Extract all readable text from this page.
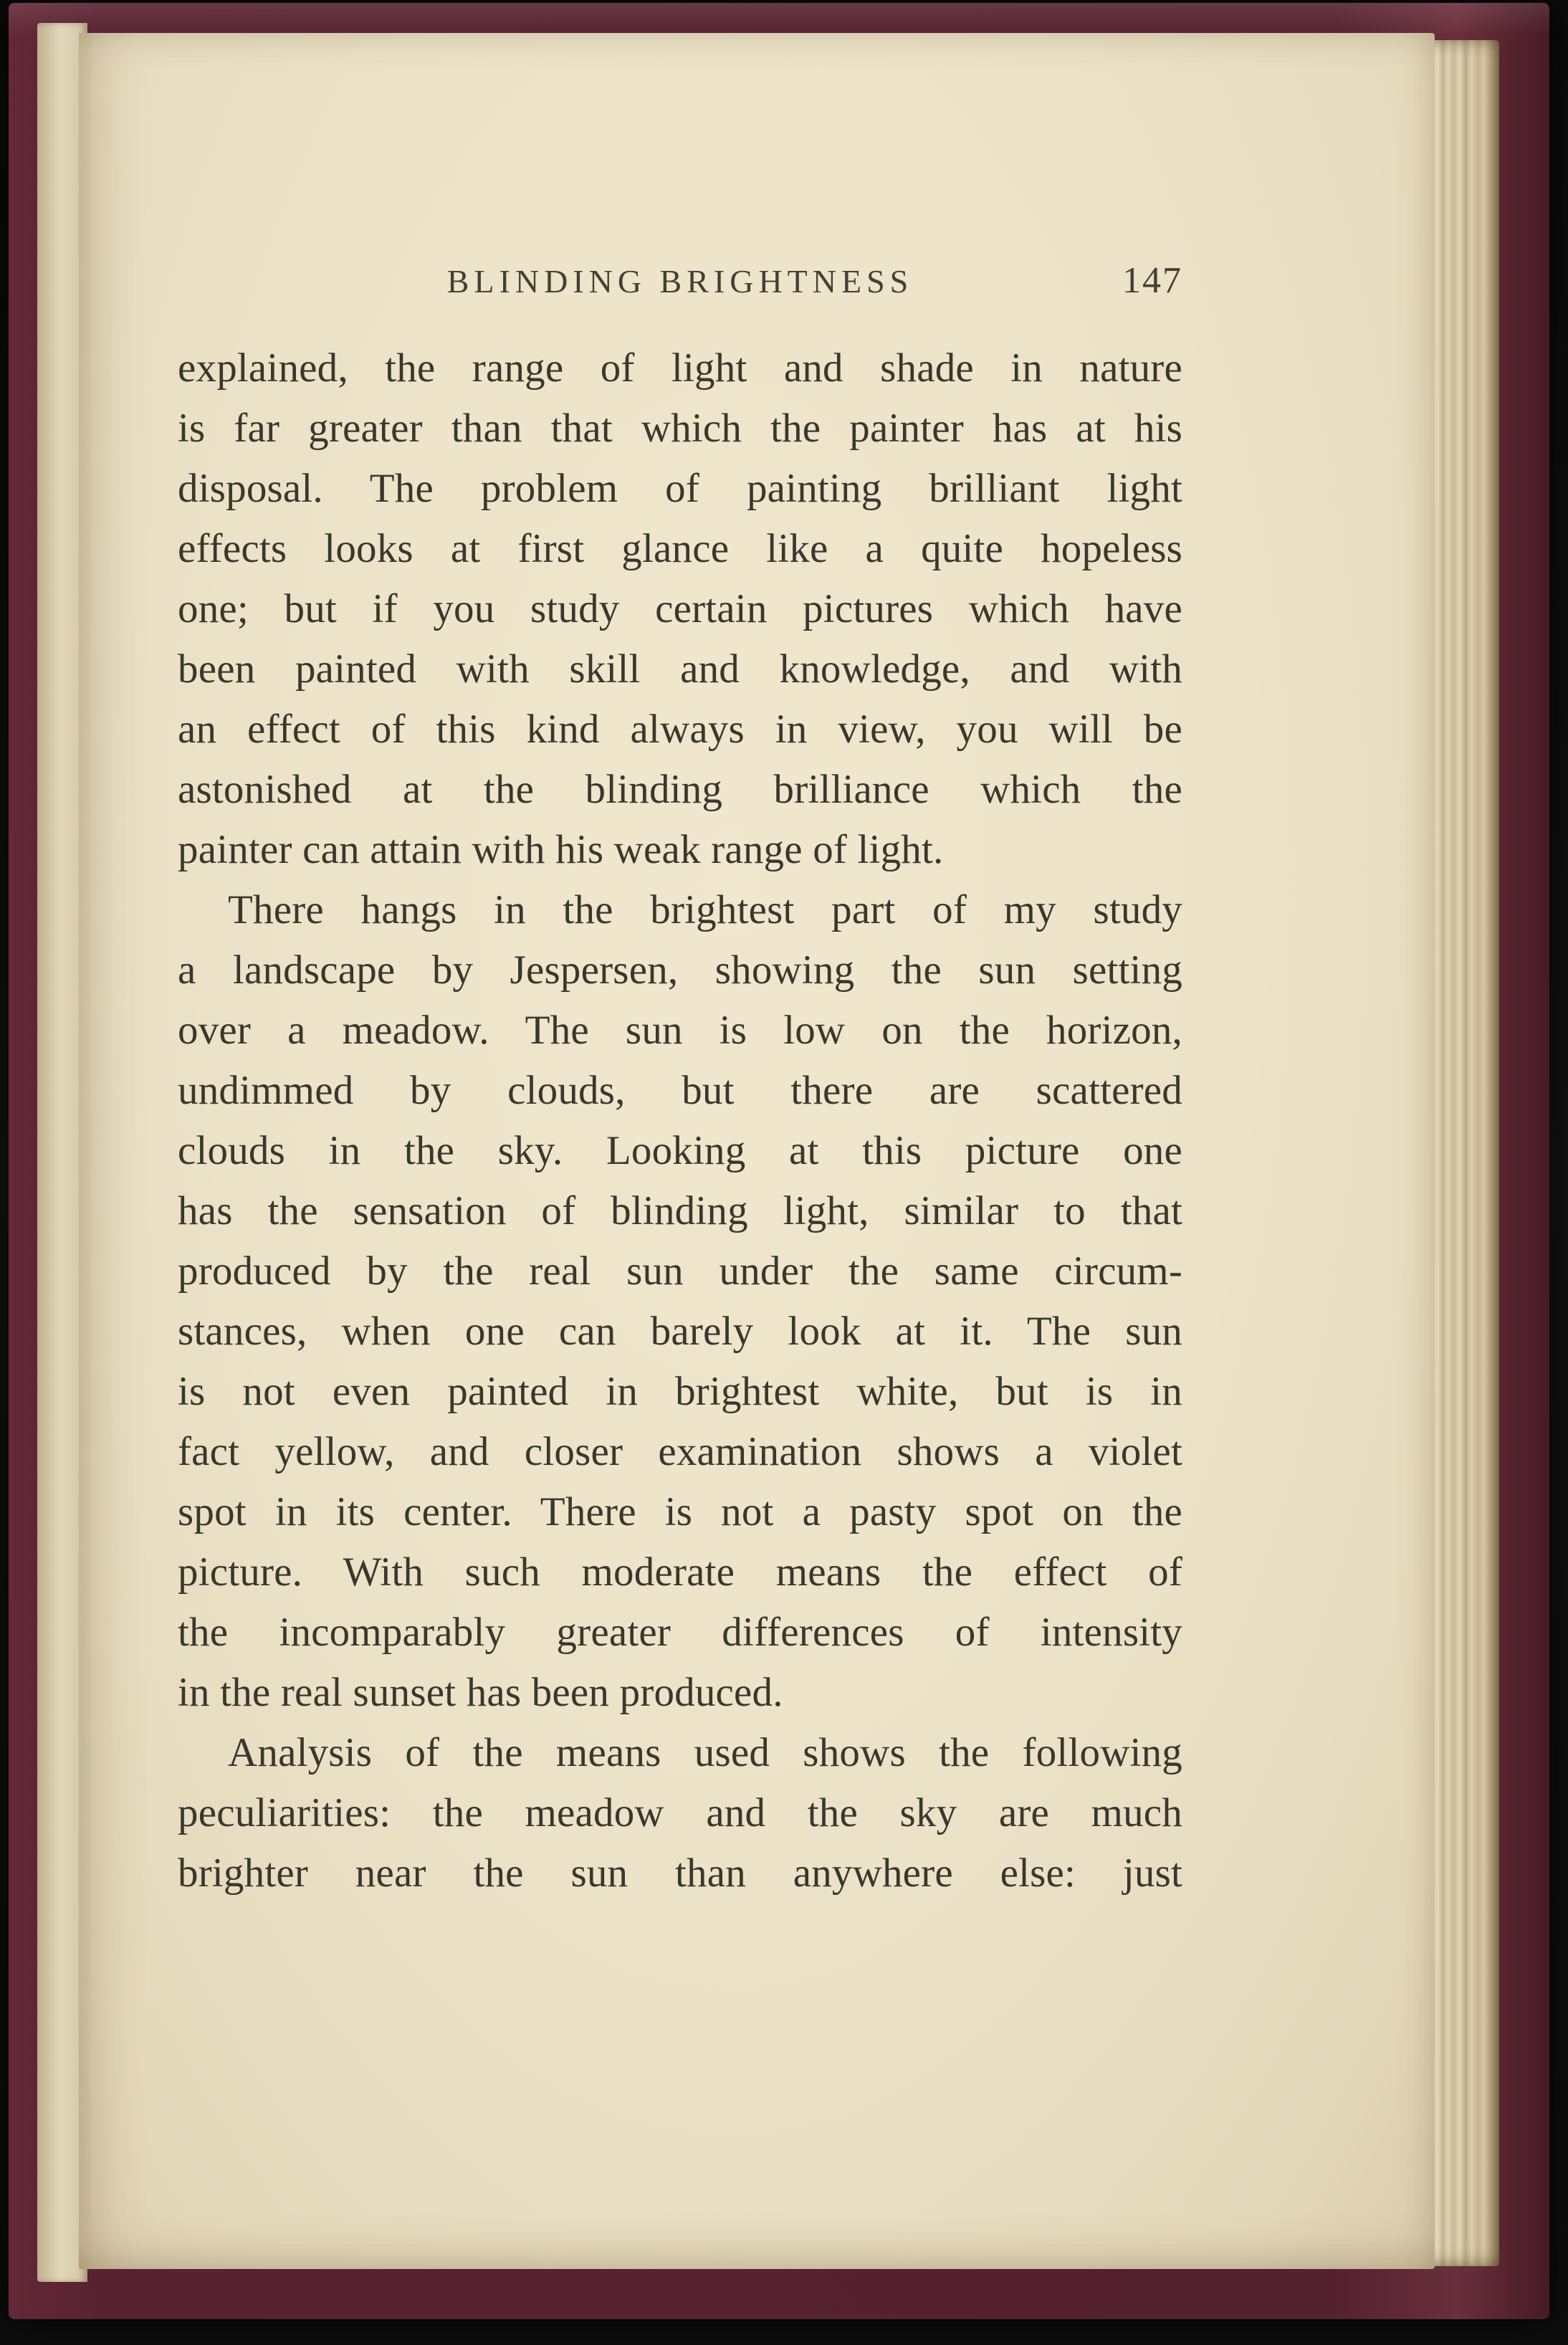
BLINDING BRIGHTNESS	147
explained, the range of light and shade in nature
is far greater than that which the painter has at his
disposal. The problem of painting brilliant light
effects looks at first glance like a quite hopeless
one; but if you study certain pictures which have
been painted with skill and knowledge, and with
an effect of this kind always in view, you will be
astonished at the blinding brilliance which the
painter can attain with his weak range of light.
There hangs in the brightest part of my study
a landscape by Jespersen, showing the sun setting
over a meadow. The sun is low on the horizon,
undimmed by clouds, but there are scattered
clouds in the sky. Looking at this picture one
has the sensation of blinding light, similar to that
produced by the real sun under the same circum-
stances, when one can barely look at it. The sun
is not even painted in brightest white, but is in
fact yellow, and closer examination shows a violet
spot in its center. There is not a pasty spot on the
picture. With such moderate means the effect of
the incomparably greater differences of intensity
in the real sunset has been produced.
Analysis of the means used shows the following
peculiarities: the meadow and the sky are much
brighter near the sun than anywhere else: just
